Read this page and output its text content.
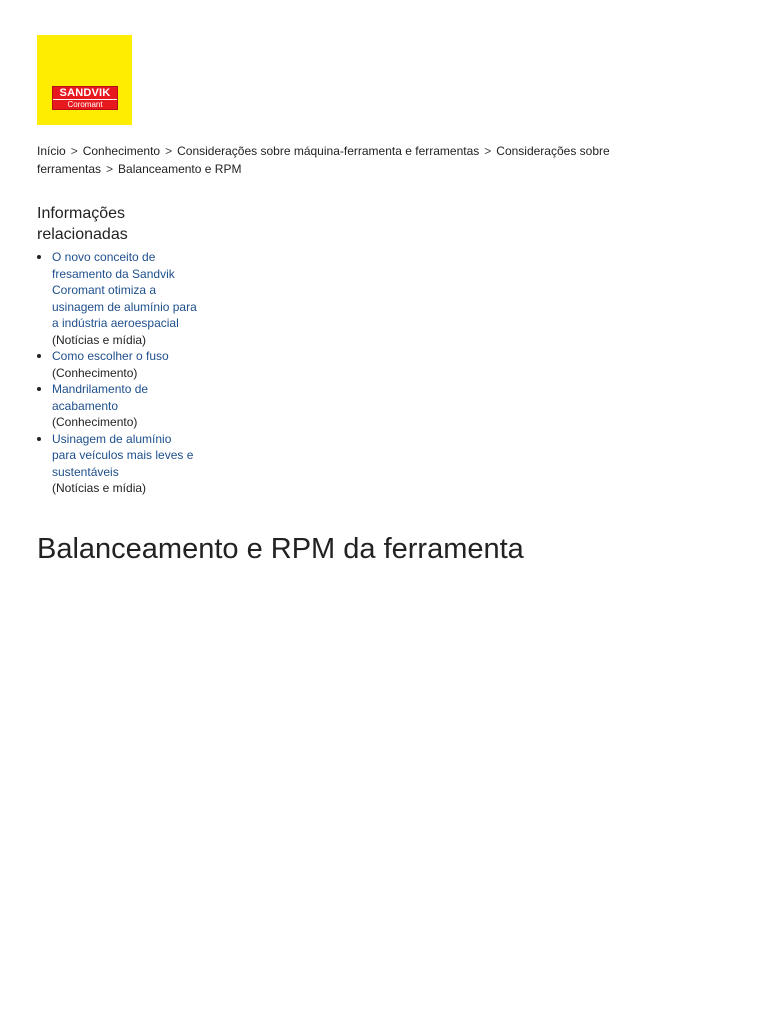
SANDVIK
Coromant
Início > Conhecimento > Considerações sobre máquina-ferramenta e ferramentas > Considerações sobre ferramentas > Balanceamento e RPM
Informações relacionadas
O novo conceito de fresamento da Sandvik Coromant otimiza a usinagem de alumínio para a indústria aeroespacial
(Notícias e mídia)
Como escolher o fuso
(Conhecimento)
Mandrilamento de acabamento
(Conhecimento)
Usinagem de alumínio para veículos mais leves e sustentáveis
(Notícias e mídia)
Balanceamento e RPM da ferramenta
